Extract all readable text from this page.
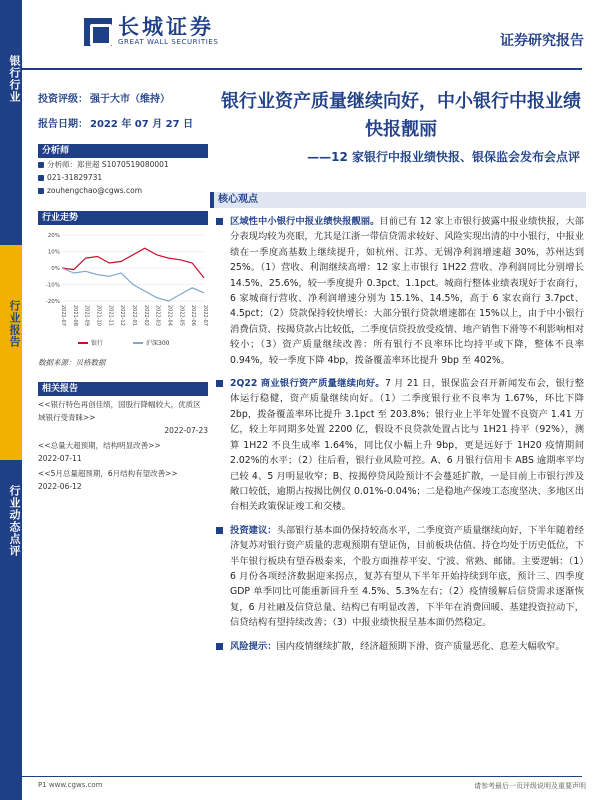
银行行业
行业报告
行业动态点评
长城证券
GREAT WALL SECURITIES	证券研究报告
投资评级： 强于大市（维持）
报告日期： 2022 年 07 月 27 日
分析师
分析师：郑世超 S1070519080001
021-31829731
zouhengchao@cgws.com
行业走势
20%
10%
0%
-10%
-20%
2021-07 2021-08 2021-09 2021-10 2021-11 2021-12 2022-01 2022-02 2022-03 2022-04 2022-05 2022-06 2022-07
银行	沪深300
数据来源：贝格数据
相关报告
<<银行特色再创佳绩，国股行降幅较大，优质区域银行受青睐>>
2022-07-23
<<总量大超预期，结构明显改善>>
2022-07-11
<<5月总量超预期，6月结构有望改善>>
2022-06-12
银行业资产质量继续向好，中小银行中报业绩快报靓丽
——12 家银行中报业绩快报、银保监会发布会点评
核心观点
区域性中小银行中报业绩快报靓丽。目前已有 12 家上市银行披露中报业绩快报，大部分表现均较为亮眼，尤其是江浙一带信贷需求较好、风险实现出清的中小银行，中报业绩在一季度高基数上继续提升，如杭州、江苏、无锡净利润增速超 30%，苏州达到 25%。（1）营收、利润继续高增：12 家上市银行 1H22 营收、净利润同比分别增长 14.5%、25.6%，较一季度提升 0.3pct、1.1pct。城商行整体业绩表现好于农商行，6 家城商行营收、净利润增速分别为 15.1%、14.5%，高于 6 家农商行 3.7pct、4.5pct；（2）贷款保持较快增长：大部分银行贷款增速都在 15%以上，由于中小银行消费信贷、按揭贷款占比较低，二季度信贷投放受疫情、地产销售下滑等不利影响相对较小；（3）资产质量继续改善：所有银行不良率环比均持平或下降，整体不良率 0.94%，较一季度下降 4bp，拨备覆盖率环比提升 9bp 至 402%。
2Q22 商业银行资产质量继续向好。7 月 21 日，银保监会召开新闻发布会，银行整体运行稳健，资产质量继续向好。（1）二季度银行业不良率为 1.67%，环比下降 2bp，拨备覆盖率环比提升 3.1pct 至 203.8%；银行业上半年处置不良资产 1.41 万亿，较上年同期多处置 2200 亿，假设不良贷款处置占比与 1H21 持平（92%），测算 1H22 不良生成率 1.64%，同比仅小幅上升 9bp，更是远好于 1H20 疫情期间 2.02%的水平；（2）往后看，银行业风险可控。A、6 月银行信用卡 ABS 逾期率平均已较 4、5 月明显收窄；B、按揭停贷风险预计不会蔓延扩散，一是目前上市银行涉及敞口较低，逾期占按揭比例仅 0.01%-0.04%；二是稳地产保竣工态度坚决、多地区出台相关政策保证竣工和交楼。
投资建议：头部银行基本面仍保持较高水平，二季度资产质量继续向好，下半年随着经济复苏对银行资产质量的悲观预期有望证伪，目前板块估值、持仓均处于历史低位，下半年银行板块有望吞极泰来，个股方面推荐平安、宁波、常熟、邮储。主要逻辑：（1）6 月份各项经济数据迎来拐点，复苏有望从下半年开始持续到年底，预计三、四季度 GDP 单季同比可能重新回升至 4.5%、5.3%左右；（2）疫情缓解后信贷需求逐渐恢复，6 月社融及信贷总量、结构已有明显改善，下半年在消费回暖、基建投资拉动下，信贷结构有望持续改善；（3）中报业绩快报呈基本面仍然稳定。
风险提示：国内疫情继续扩散，经济超预期下滑、资产质量恶化、息差大幅收窄。
P1 www.cgws.com	请参考最后一页评级说明及重要声明
